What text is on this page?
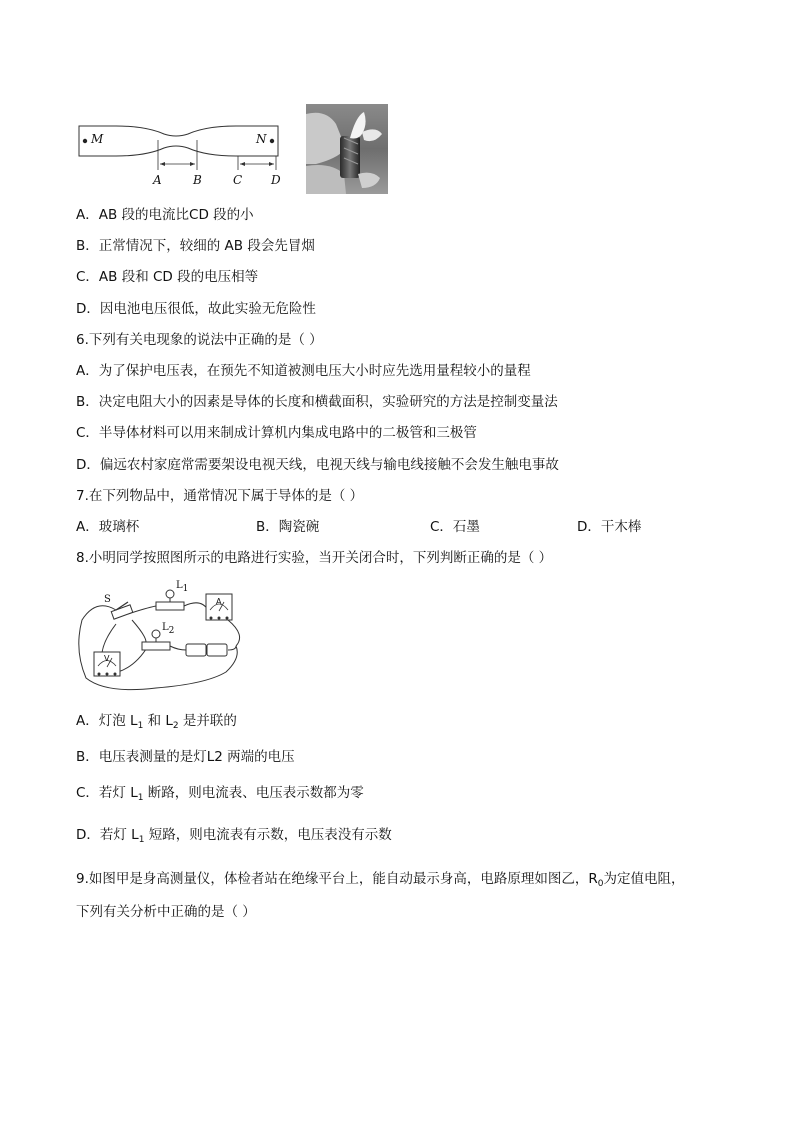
M	N
A	B	C D
A．AB 段的电流比CD 段的小
B．正常情况下，较细的 AB 段会先冒烟
C．AB 段和 CD 段的电压相等
D．因电池电压很低，故此实验无危险性
6.下列有关电现象的说法中正确的是（ ）
A．为了保护电压表，在预先不知道被测电压大小时应先选用量程较小的量程
B．决定电阻大小的因素是导体的长度和横截面积，实验研究的方法是控制变量法
C．半导体材料可以用来制成计算机内集成电路中的二极管和三极管
D．偏远农村家庭常需要架设电视天线，电视天线与输电线接触不会发生触电事故
7.在下列物品中，通常情况下属于导体的是（ ）
A．玻璃杯	B．陶瓷碗	C．石墨	D．干木棒
8.小明同学按照图所示的电路进行实验，当开关闭合时，下列判断正确的是（ ）
S
$L_1$
$L_2$
A
V
A．灯泡 $L_1$ 和 $L_2$ 是并联的
B．电压表测量的是灯L2 两端的电压
C．若灯 $L_1$ 断路，则电流表、电压表示数都为零
D．若灯 $L_1$ 短路，则电流表有示数，电压表没有示数
9.如图甲是身高测量仪，体检者站在绝缘平台上，能自动最示身高，电路原理如图乙，$R_0$为定值电阻，
下列有关分析中正确的是（ ）
